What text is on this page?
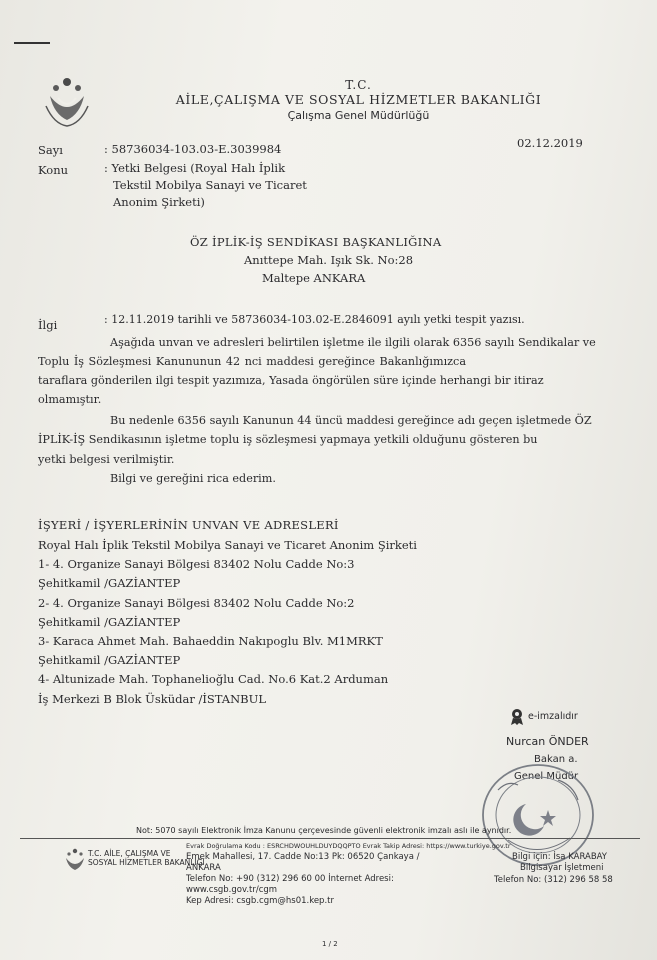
T.C.
AİLE,ÇALIŞMA VE SOSYAL HİZMETLER BAKANLIĞI
Çalışma Genel Müdürlüğü
Sayı	: 58736034-103.03-E.3039984	02.12.2019
Konu	: Yetki Belgesi (Royal Halı İplik
Tekstil Mobilya Sanayi ve Ticaret
Anonim Şirketi)
ÖZ İPLİK-İŞ SENDİKASI BAŞKANLIĞINA
Anıttepe Mah. Işık Sk. No:28
Maltepe ANKARA
İlgi	: 12.11.2019 tarihli ve 58736034-103.02-E.2846091 ayılı yetki tespit yazısı.
Aşağıda unvan ve adresleri belirtilen işletme ile ilgili olarak 6356 sayılı Sendikalar ve
Toplu İş Sözleşmesi Kanununun 42 nci maddesi gereğince Bakanlığımızca
taraflara gönderilen ilgi tespit yazımıza, Yasada öngörülen süre içinde herhangi bir itiraz
olmamıştır.
Bu nedenle 6356 sayılı Kanunun 44 üncü maddesi gereğince adı geçen işletmede ÖZ
İPLİK-İŞ Sendikasının işletme toplu iş sözleşmesi yapmaya yetkili olduğunu gösteren bu
yetki belgesi verilmiştir.
Bilgi ve gereğini rica ederim.
İŞYERİ / İŞYERLERİNİN UNVAN VE ADRESLERİ
Royal Halı İplik Tekstil Mobilya Sanayi ve Ticaret Anonim Şirketi
1- 4. Organize Sanayi Bölgesi 83402 Nolu Cadde No:3
Şehitkamil /GAZİANTEP
2- 4. Organize Sanayi Bölgesi 83402 Nolu Cadde No:2
Şehitkamil /GAZİANTEP
3- Karaca Ahmet Mah. Bahaeddin Nakıpoglu Blv. M1MRKT
Şehitkamil /GAZİANTEP
4- Altunizade Mah. Tophanelioğlu Cad. No.6 Kat.2 Arduman
İş Merkezi B Blok Üsküdar /İSTANBUL
e-imzalıdır
Nurcan ÖNDER
Bakan a.
Genel Müdür
Not: 5070 sayılı Elektronik İmza Kanunu çerçevesinde güvenli elektronik imzalı aslı ile aynıdır.
T.C. AİLE, ÇALIŞMA VE
SOSYAL HİZMETLER BAKANLIĞI
Evrak Doğrulama Kodu : ESRCHDWOUHLDUYDQQPTO Evrak Takip Adresi: https://www.turkiye.gov.tr
Emek Mahallesi, 17. Cadde No:13 Pk: 06520 Çankaya /
ANKARA
Telefon No: +90 (312) 296 60 00 İnternet Adresi:
www.csgb.gov.tr/cgm
Kep Adresi: csgb.cgm@hs01.kep.tr
Bilgi için: İsa KARABAY
Bilgisayar İşletmeni
Telefon No: (312) 296 58 58
1 / 2
